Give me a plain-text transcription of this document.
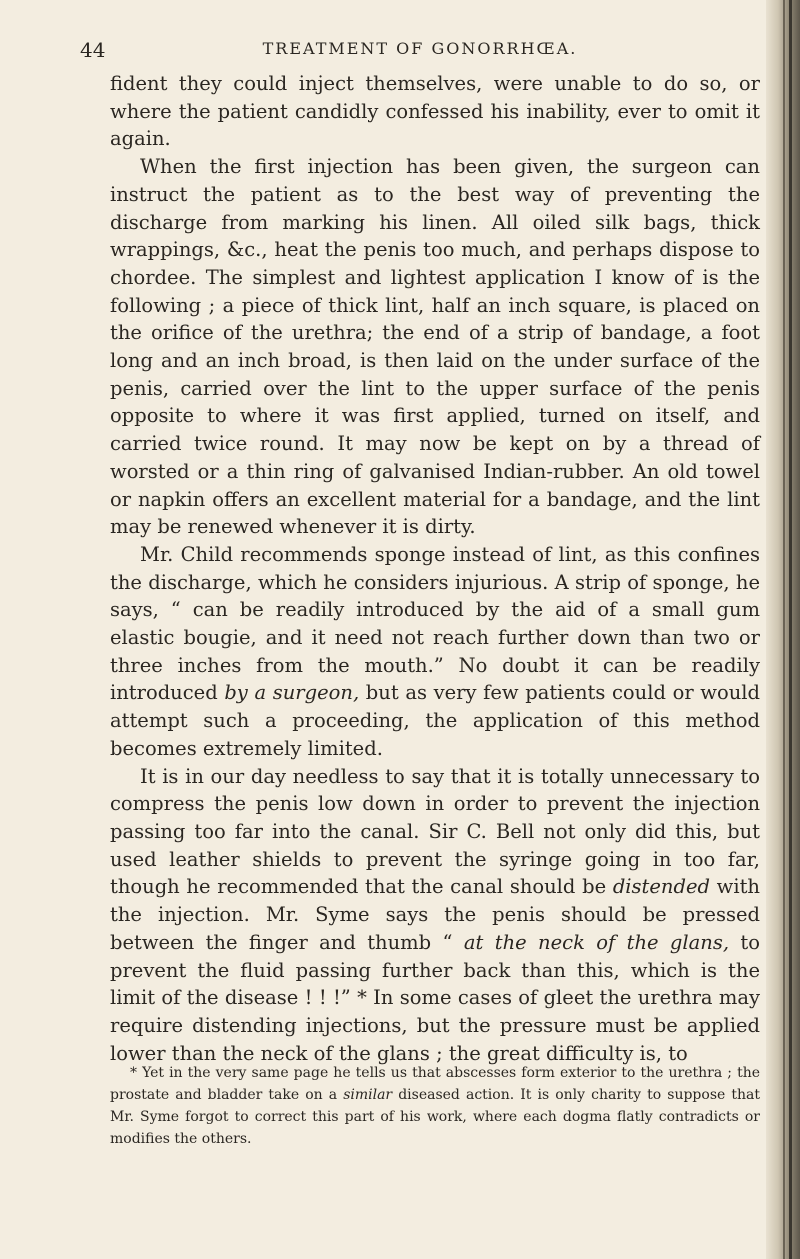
44	TREATMENT OF GONORRHŒA.

fident they could inject themselves, were unable to do so, or where the patient candidly confessed his inability, ever to omit it again.

When the first injection has been given, the surgeon can instruct the patient as to the best way of preventing the discharge from marking his linen. All oiled silk bags, thick wrappings, &c., heat the penis too much, and perhaps dispose to chordee. The simplest and lightest application I know of is the following ; a piece of thick lint, half an inch square, is placed on the orifice of the urethra; the end of a strip of bandage, a foot long and an inch broad, is then laid on the under surface of the penis, carried over the lint to the upper surface of the penis opposite to where it was first applied, turned on itself, and carried twice round. It may now be kept on by a thread of worsted or a thin ring of galvanised Indian-rubber. An old towel or napkin offers an excellent material for a bandage, and the lint may be renewed whenever it is dirty.

Mr. Child recommends sponge instead of lint, as this confines the discharge, which he considers injurious. A strip of sponge, he says, “ can be readily introduced by the aid of a small gum elastic bougie, and it need not reach further down than two or three inches from the mouth.” No doubt it can be readily introduced by a surgeon, but as very few patients could or would attempt such a proceeding, the application of this method becomes extremely limited.

It is in our day needless to say that it is totally unnecessary to compress the penis low down in order to prevent the injection passing too far into the canal. Sir C. Bell not only did this, but used leather shields to prevent the syringe going in too far, though he recommended that the canal should be distended with the injection. Mr. Syme says the penis should be pressed between the finger and thumb “ at the neck of the glans, to prevent the fluid passing further back than this, which is the limit of the disease ! ! !” * In some cases of gleet the urethra may require distending injections, but the pressure must be applied lower than the neck of the glans ; the great difficulty is, to

* Yet in the very same page he tells us that abscesses form exterior to the urethra ; the prostate and bladder take on a similar diseased action. It is only charity to suppose that Mr. Syme forgot to correct this part of his work, where each dogma flatly contradicts or modifies the others.
